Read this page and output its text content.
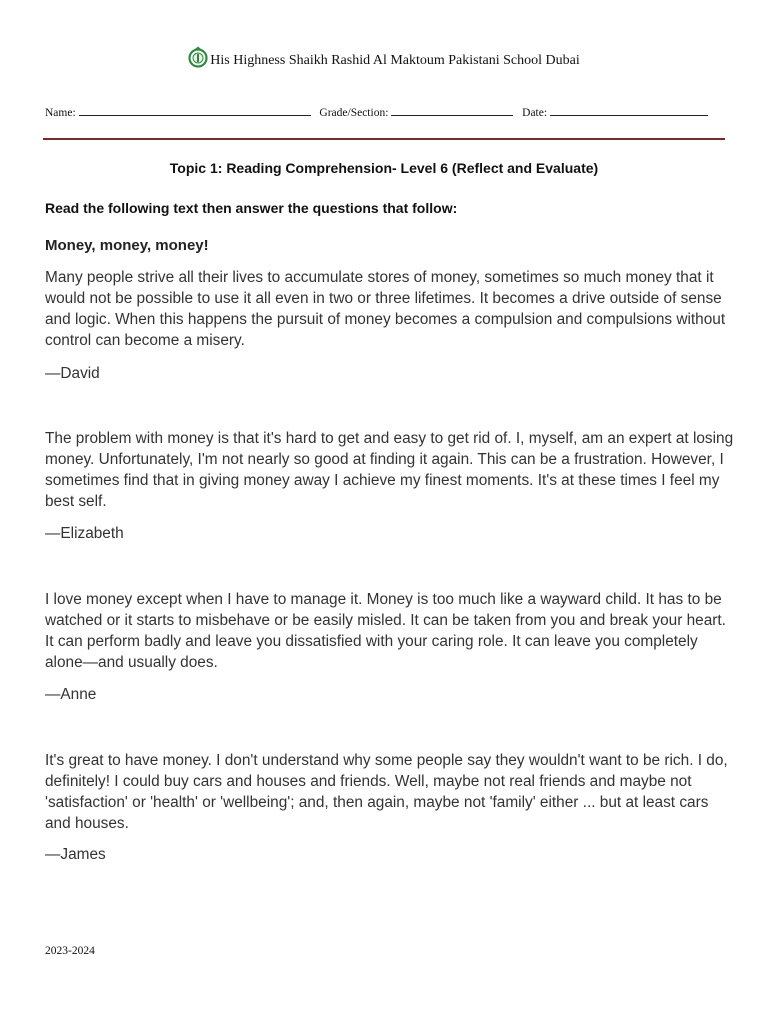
His Highness Shaikh Rashid Al Maktoum Pakistani School Dubai
Name:	Grade/Section:	Date:
Topic 1: Reading Comprehension- Level 6 (Reflect and Evaluate)
Read the following text then answer the questions that follow:
Money, money, money!
Many people strive all their lives to accumulate stores of money, sometimes so much money that it would not be possible to use it all even in two or three lifetimes. It becomes a drive outside of sense and logic. When this happens the pursuit of money becomes a compulsion and compulsions without control can become a misery.
—David
The problem with money is that it's hard to get and easy to get rid of. I, myself, am an expert at losing money. Unfortunately, I'm not nearly so good at finding it again. This can be a frustration. However, I sometimes find that in giving money away I achieve my finest moments. It's at these times I feel my best self.
—Elizabeth
I love money except when I have to manage it. Money is too much like a wayward child. It has to be watched or it starts to misbehave or be easily misled. It can be taken from you and break your heart. It can perform badly and leave you dissatisfied with your caring role. It can leave you completely alone—and usually does.
—Anne
It's great to have money. I don't understand why some people say they wouldn't want to be rich. I do, definitely! I could buy cars and houses and friends. Well, maybe not real friends and maybe not 'satisfaction' or 'health' or 'wellbeing'; and, then again, maybe not 'family' either ... but at least cars and houses.
—James
2023-2024
